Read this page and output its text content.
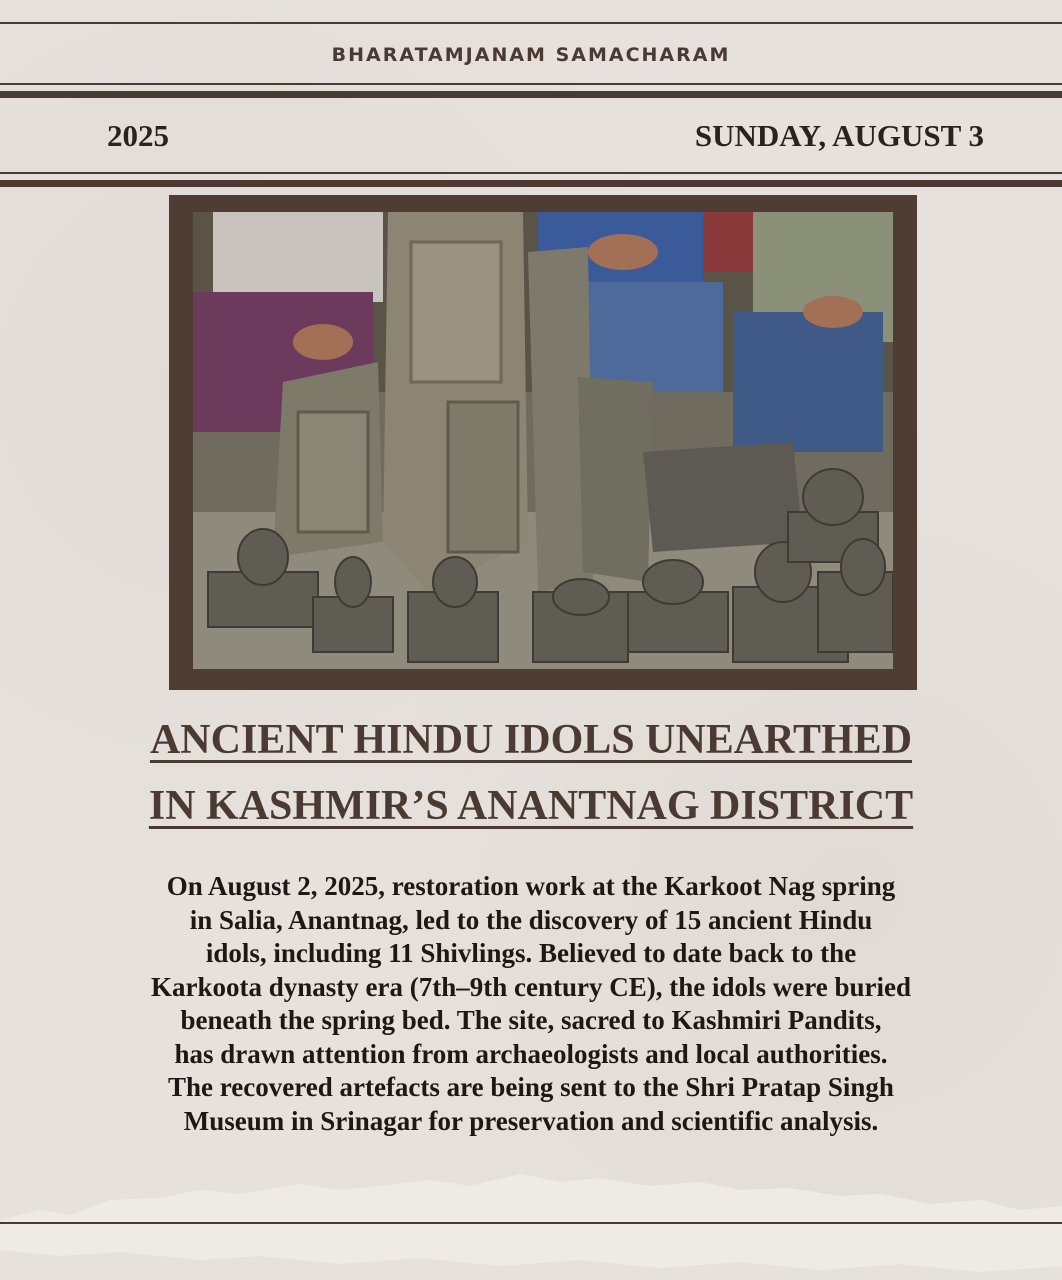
BHARATAMJANAM SAMACHARAM
2025	SUNDAY, AUGUST 3
ANCIENT HINDU IDOLS UNEARTHED
IN KASHMIR’S ANANTNAG DISTRICT
On August 2, 2025, restoration work at the Karkoot Nag spring
in Salia, Anantnag, led to the discovery of 15 ancient Hindu
idols, including 11 Shivlings. Believed to date back to the
Karkoota dynasty era (7th–9th century CE), the idols were buried
beneath the spring bed. The site, sacred to Kashmiri Pandits,
has drawn attention from archaeologists and local authorities.
The recovered artefacts are being sent to the Shri Pratap Singh
Museum in Srinagar for preservation and scientific analysis.
